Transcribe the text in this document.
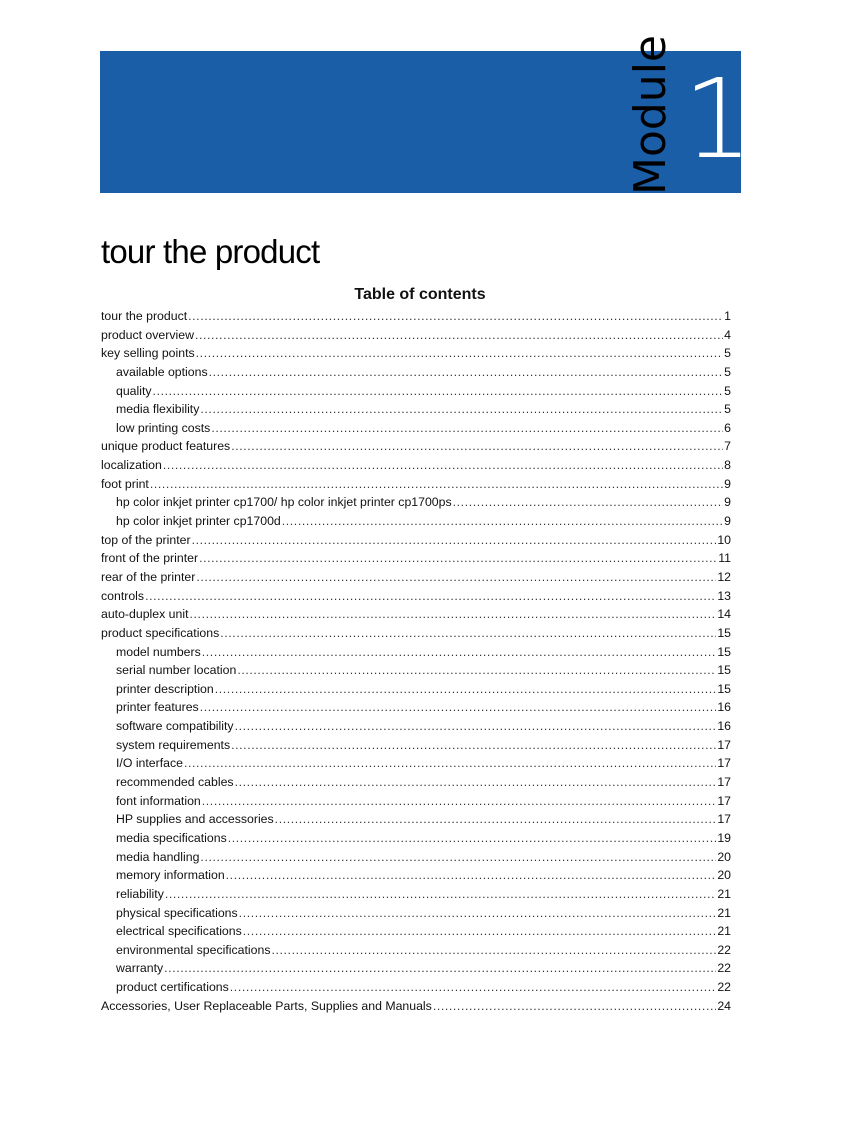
Module 1
tour the product
Table of contents
tour the product .....	1
product overview .....	4
key selling points .....	5
available options .....	5
quality .....	5
media flexibility .....	5
low printing costs .....	6
unique product features .....	7
localization .....	8
foot print .....	9
hp color inkjet printer cp1700/ hp color inkjet printer cp1700ps .....	9
hp color inkjet printer cp1700d .....	9
top of the printer .....	10
front of the printer .....	11
rear of the printer .....	12
controls .....	13
auto-duplex unit .....	14
product specifications .....	15
model numbers .....	15
serial number location .....	15
printer description .....	15
printer features .....	16
software compatibility .....	16
system requirements .....	17
I/O interface .....	17
recommended cables .....	17
font information .....	17
HP supplies and accessories .....	17
media specifications .....	19
media handling .....	20
memory information .....	20
reliability .....	21
physical specifications .....	21
electrical specifications .....	21
environmental specifications .....	22
warranty .....	22
product certifications .....	22
Accessories, User Replaceable Parts, Supplies and Manuals .....	24
